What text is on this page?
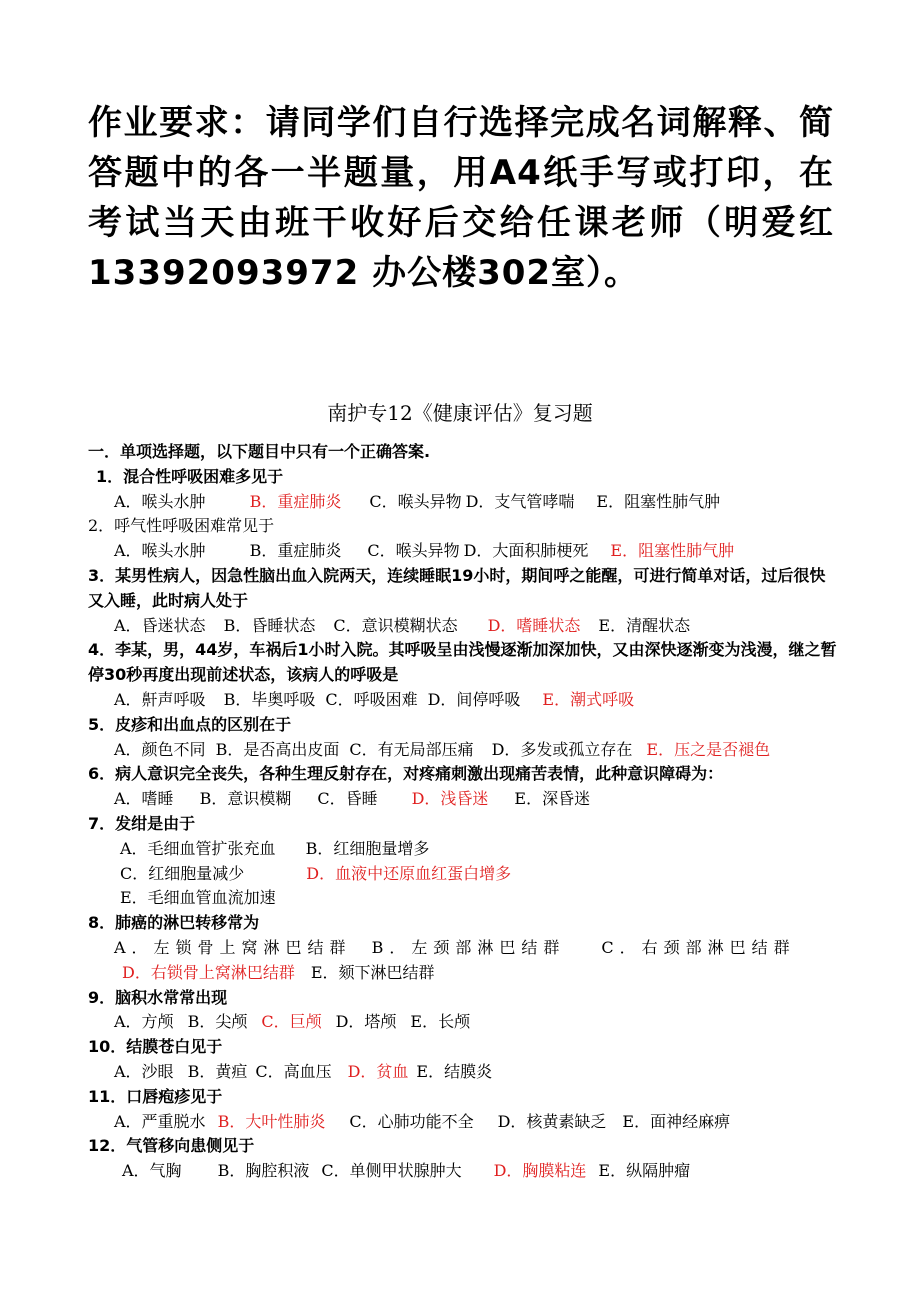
作业要求：请同学们自行选择完成名词解释、简答题中的各一半题量，用A4纸手写或打印，在考试当天由班干收好后交给任课老师（明爱红13392093972 办公楼302室）。
南护专12《健康评估》复习题
一．单项选择题，以下题目中只有一个正确答案.
1．混合性呼吸困难多见于
A．喉头水肿	B．重症肺炎 C．喉头异物 D．支气管哮喘 E．阻塞性肺气肿
2．呼气性呼吸困难常见于
A．喉头水肿	B．重症肺炎 C．喉头异物 D．大面积肺梗死 E．阻塞性肺气肿
3．某男性病人，因急性脑出血入院两天，连续睡眠19小时，期间呼之能醒，可进行简单对话，过后很快又入睡，此时病人处于
A．昏迷状态 B．昏睡状态 C．意识模糊状态 D．嗜睡状态 E．清醒状态
4．李某，男，44岁，车祸后1小时入院。其呼吸呈由浅慢逐渐加深加快，又由深快逐渐变为浅漫，继之暂停30秒再度出现前述状态，该病人的呼吸是
A．鼾声呼吸 B．毕奥呼吸 C．呼吸困难 D．间停呼吸 E．潮式呼吸
5．皮疹和出血点的区别在于
A．颜色不同 B．是否高出皮面 C．有无局部压痛 D．多发或孤立存在 E．压之是否褪色
6．病人意识完全丧失，各种生理反射存在，对疼痛刺激出现痛苦表情，此种意识障碍为：
A．嗜睡 B．意识模糊 C．昏睡 D．浅昏迷 E．深昏迷
7．发绀是由于
A．毛细血管扩张充血 B．红细胞量增多
C．红细胞量减少	D．血液中还原血红蛋白增多
E．毛细血管血流加速
8．肺癌的淋巴转移常为
A．左锁骨上窝淋巴结群 B．左颈部淋巴结群 C．右颈部淋巴结群
D．右锁骨上窝淋巴结群 E．颏下淋巴结群
9．脑积水常常出现
A．方颅 B．尖颅 C．巨颅 D．塔颅 E．长颅
10．结膜苍白见于
A．沙眼 B．黄疸 C．高血压 D．贫血 E．结膜炎
11．口唇疱疹见于
A．严重脱水 B．大叶性肺炎 C．心肺功能不全 D．核黄素缺乏 E．面神经麻痹
12．气管移向患侧见于
A．气胸 B．胸腔积液 C．单侧甲状腺肿大 D．胸膜粘连 E．纵隔肿瘤
